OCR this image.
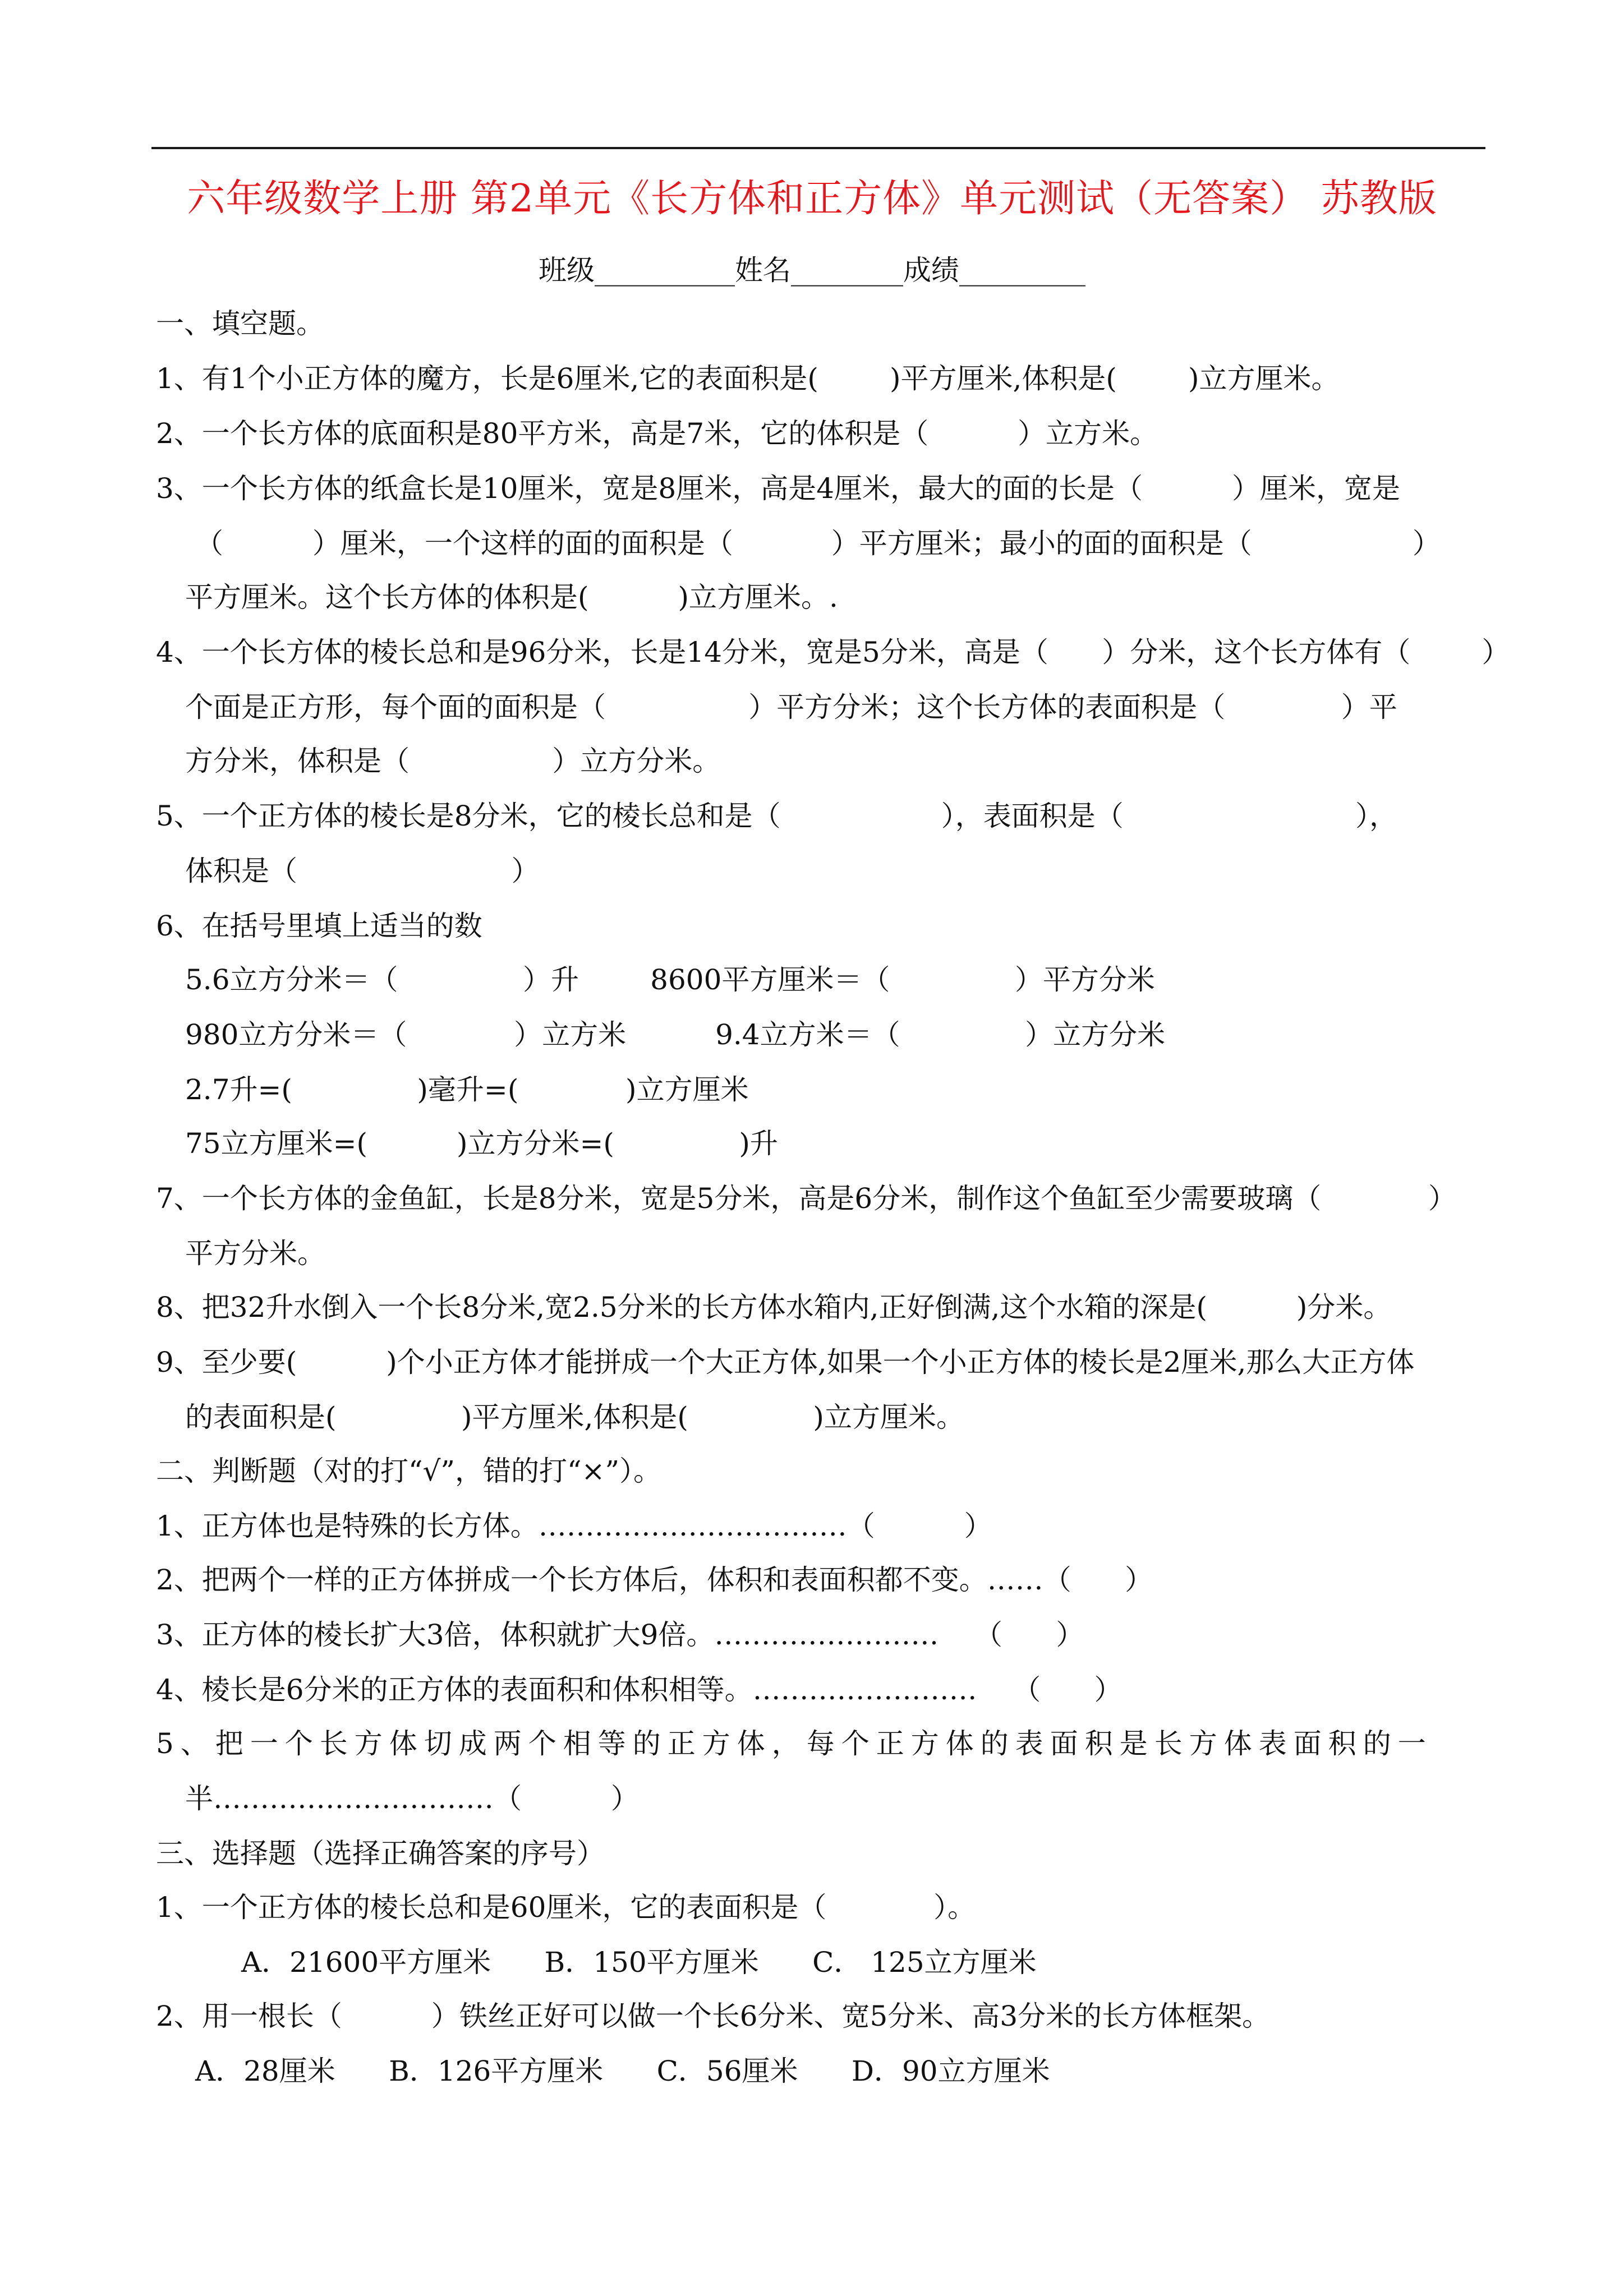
六年级数学上册 第2单元《长方体和正方体》单元测试（无答案） 苏教版
班级__________姓名________成绩_________
一、填空题。
1、有1个小正方体的魔方，长是6厘米,它的表面积是(        )平方厘米,体积是(        )立方厘米。
2、一个长方体的底面积是80平方米，高是7米，它的体积是（          ）立方米。
3、一个长方体的纸盒长是10厘米，宽是8厘米，高是4厘米，最大的面的长是（          ）厘米，宽是
（          ）厘米，一个这样的面的面积是（           ）平方厘米；最小的面的面积是（                  ）
平方厘米。这个长方体的体积是(          )立方厘米。.
4、一个长方体的棱长总和是96分米，长是14分米，宽是5分米，高是（      ）分米，这个长方体有（        ）
个面是正方形，每个面的面积是（                ）平方分米；这个长方体的表面积是（             ）平
方分米，体积是（                ）立方分米。
5、一个正方体的棱长是8分米，它的棱长总和是（                  ），表面积是（                          ），
体积是（                        ）
6、在括号里填上适当的数
5.6立方分米＝（              ）升        8600平方厘米＝（              ）平方分米
980立方分米＝（            ）立方米          9.4立方米＝（              ）立方分米
2.7升=(              )毫升=(            )立方厘米
75立方厘米=(          )立方分米=(              )升
7、一个长方体的金鱼缸，长是8分米，宽是5分米，高是6分米，制作这个鱼缸至少需要玻璃（            ）
平方分米。
8、把32升水倒入一个长8分米,宽2.5分米的长方体水箱内,正好倒满,这个水箱的深是(          )分米。
9、至少要(          )个小正方体才能拼成一个大正方体,如果一个小正方体的棱长是2厘米,那么大正方体
的表面积是(              )平方厘米,体积是(              )立方厘米。
二、判断题（对的打“√”，错的打“×”）。
1、正方体也是特殊的长方体。……………………………（          ）
2、把两个一样的正方体拼成一个长方体后，体积和表面积都不变。……（      ）
3、正方体的棱长扩大3倍，体积就扩大9倍。……………………    （      ）
4、棱长是6分米的正方体的表面积和体积相等。……………………    （      ）
5、把一个长方体切成两个相等的正方体，每个正方体的表面积是长方体表面积的一
半…………………………（          ）
三、选择题（选择正确答案的序号）
1、一个正方体的棱长总和是60厘米，它的表面积是（            ）。
A．21600平方厘米      B．150平方厘米      C． 125立方厘米
2、用一根长（          ）铁丝正好可以做一个长6分米、宽5分米、高3分米的长方体框架。
A．28厘米      B．126平方厘米      C．56厘米      D．90立方厘米
